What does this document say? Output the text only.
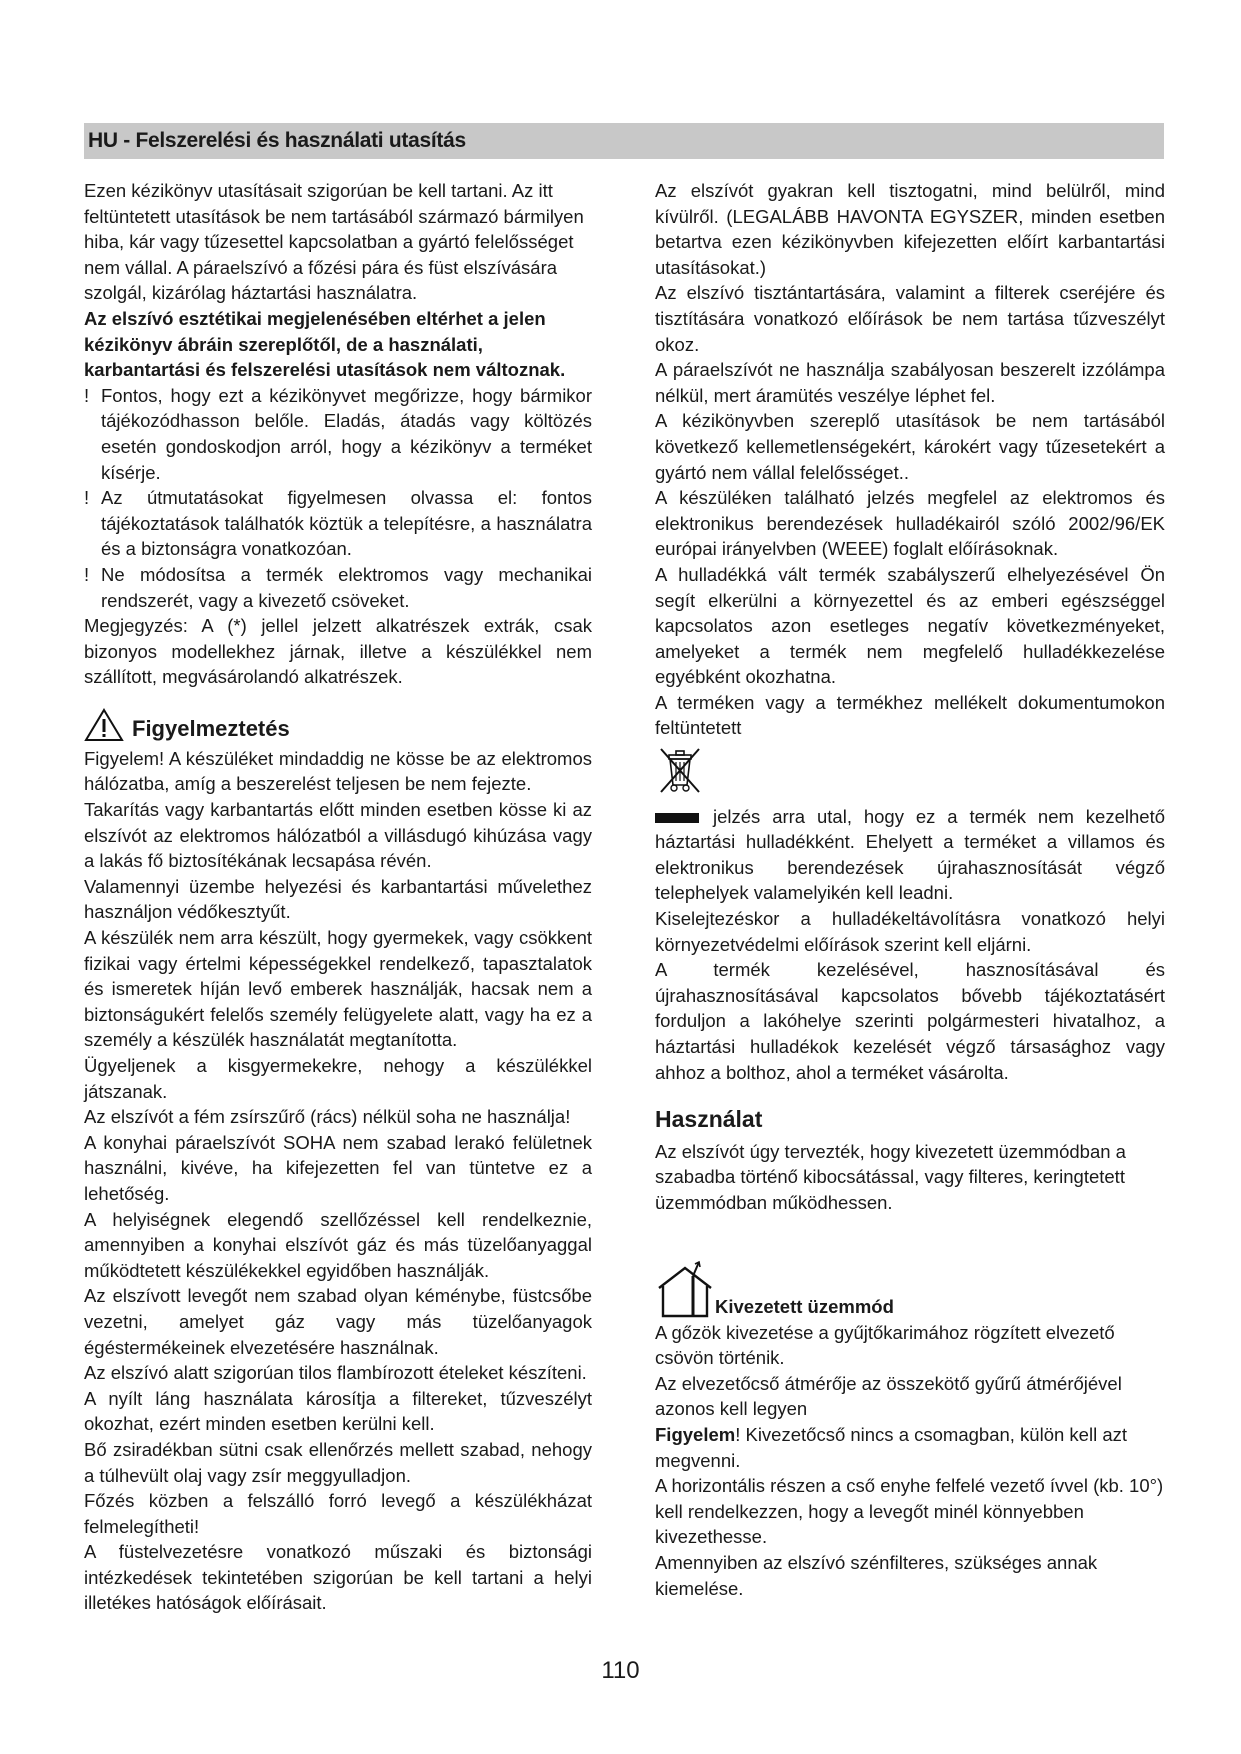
HU - Felszerelési és használati utasítás

Ezen kézikönyv utasításait szigorúan be kell tartani. Az itt feltüntetett utasítások be nem tartásából származó bármilyen hiba, kár vagy tűzesettel kapcsolatban a gyártó felelősséget nem vállal. A páraelszívó a főzési pára és füst elszívására szolgál, kizárólag háztartási használatra.

Az elszívó esztétikai megjelenésében eltérhet a jelen kézikönyv ábráin szereplőtől, de a használati, karbantartási és felszerelési utasítások nem változnak.

! Fontos, hogy ezt a kézikönyvet megőrizze, hogy bármikor tájékozódhasson belőle. Eladás, átadás vagy költözés esetén gondoskodjon arról, hogy a kézikönyv a terméket kísérje.
! Az útmutatásokat figyelmesen olvassa el: fontos tájékoztatások találhatók köztük a telepítésre, a használatra és a biztonságra vonatkozóan.
! Ne módosítsa a termék elektromos vagy mechanikai rendszerét, vagy a kivezető csöveket.

Megjegyzés: A (*) jellel jelzett alkatrészek extrák, csak bizonyos modellekhez járnak, illetve a készülékkel nem szállított, megvásárolandó alkatrészek.

Figyelmeztetés

Figyelem! A készüléket mindaddig ne kösse be az elektromos hálózatba, amíg a beszerelést teljesen be nem fejezte.

Takarítás vagy karbantartás előtt minden esetben kösse ki az elszívót az elektromos hálózatból a villásdugó kihúzása vagy a lakás fő biztosítékának lecsapása révén.

Valamennyi üzembe helyezési és karbantartási művelethez használjon védőkesztyűt.

A készülék nem arra készült, hogy gyermekek, vagy csökkent fizikai vagy értelmi képességekkel rendelkező, tapasztalatok és ismeretek híján levő emberek használják, hacsak nem a biztonságukért felelős személy felügyelete alatt, vagy ha ez a személy a készülék használatát megtanította.

Ügyeljenek a kisgyermekekre, nehogy a készülékkel játszanak.

Az elszívót a fém zsírszűrő (rács) nélkül soha ne használja!

A konyhai páraelszívót SOHA nem szabad lerakó felületnek használni, kivéve, ha kifejezetten fel van tüntetve ez a lehetőség.

A helyiségnek elegendő szellőzéssel kell rendelkeznie, amennyiben a konyhai elszívót gáz és más tüzelőanyaggal működtetett készülékekkel egyidőben használják.

Az elszívott levegőt nem szabad olyan kéménybe, füstcsőbe vezetni, amelyet gáz vagy más tüzelőanyagok égéstermékeinek elvezetésére használnak.

Az elszívó alatt szigorúan tilos flambírozott ételeket készíteni.

A nyílt láng használata károsítja a filtereket, tűzveszélyt okozhat, ezért minden esetben kerülni kell.

Bő zsiradékban sütni csak ellenőrzés mellett szabad, nehogy a túlhevült olaj vagy zsír meggyulladjon.

Főzés közben a felszálló forró levegő a készülékházat felmelegítheti!

A füstelvezetésre vonatkozó műszaki és biztonsági intézkedések tekintetében szigorúan be kell tartani a helyi illetékes hatóságok előírásait.

Az elszívót gyakran kell tisztogatni, mind belülről, mind kívülről. (LEGALÁBB HAVONTA EGYSZER, minden esetben betartva ezen kézikönyvben kifejezetten előírt karbantartási utasításokat.)

Az elszívó tisztántartására, valamint a filterek cseréjére és tisztítására vonatkozó előírások be nem tartása tűzveszélyt okoz.

A páraelszívót ne használja szabályosan beszerelt izzólámpa nélkül, mert áramütés veszélye léphet fel.

A kézikönyvben szereplő utasítások be nem tartásából következő kellemetlenségekért, károkért vagy tűzesetekért a gyártó nem vállal felelősséget..

A készüléken található jelzés megfelel az elektromos és elektronikus berendezések hulladékairól szóló 2002/96/EK európai irányelvben (WEEE) foglalt előírásoknak.

A hulladékká vált termék szabályszerű elhelyezésével Ön segít elkerülni a környezettel és az emberi egészséggel kapcsolatos azon esetleges negatív következményeket, amelyeket a termék nem megfelelő hulladékkezelése egyébként okozhatna.

A terméken vagy a termékhez mellékelt dokumentumokon feltüntetett

jelzés arra utal, hogy ez a termék nem kezelhető háztartási hulladékként. Ehelyett a terméket a villamos és elektronikus berendezések újrahasznosítását végző telephelyek valamelyikén kell leadni.

Kiselejtezéskor a hulladékeltávolításra vonatkozó helyi környezetvédelmi előírások szerint kell eljárni.

A termék kezelésével, hasznosításával és újrahasznosításával kapcsolatos bővebb tájékoztatásért forduljon a lakóhelye szerinti polgármesteri hivatalhoz, a háztartási hulladékok kezelését végző társasághoz vagy ahhoz a bolthoz, ahol a terméket vásárolta.

Használat

Az elszívót úgy tervezték, hogy kivezetett üzemmódban a szabadba történő kibocsátással, vagy filteres, keringtetett üzemmódban működhessen.

Kivezetett üzemmód

A gőzök kivezetése a gyűjtőkarimához rögzített elvezető csövön történik.

Az elvezetőcső átmérője az összekötő gyűrű átmérőjével azonos kell legyen

Figyelem! Kivezetőcső nincs a csomagban, külön kell azt megvenni.

A horizontális részen a cső enyhe felfelé vezető ívvel (kb. 10°) kell rendelkezzen, hogy a levegőt minél könnyebben kivezethesse.

Amennyiben az elszívó szénfilteres, szükséges annak kiemelése.

110
